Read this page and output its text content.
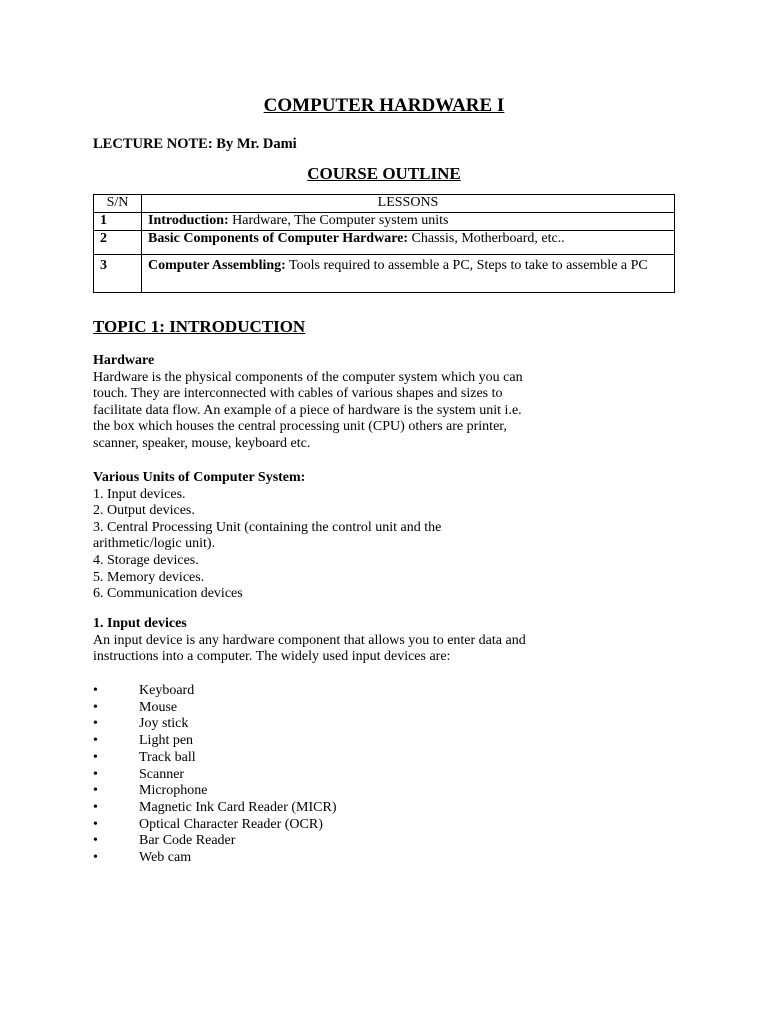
COMPUTER HARDWARE I
LECTURE NOTE: By Mr. Dami
COURSE OUTLINE
S/N	LESSONS
1	Introduction: Hardware, The Computer system units
2	Basic Components of Computer Hardware: Chassis, Motherboard, etc..
3	Computer Assembling: Tools required to assemble a PC, Steps to take to assemble a PC
TOPIC 1: INTRODUCTION

Hardware

Hardware is the physical components of the computer system which you can

touch. They are interconnected with cables of various shapes and sizes to

facilitate data flow. An example of a piece of hardware is the system unit i.e.

the box which houses the central processing unit (CPU) others are printer,

scanner, speaker, mouse, keyboard etc.

Various Units of Computer System:

1. Input devices.

2. Output devices.

3. Central Processing Unit (containing the control unit and the

arithmetic/logic unit).

4. Storage devices.

5. Memory devices.

6. Communication devices

1. Input devices

An input device is any hardware component that allows you to enter data and

instructions into a computer. The widely used input devices are:

•	Keyboard
•	Mouse
•	Joy stick
•	Light pen
•	Track ball
•	Scanner
•	Microphone
•	Magnetic Ink Card Reader (MICR)
•	Optical Character Reader (OCR)
•	Bar Code Reader
•	Web cam
